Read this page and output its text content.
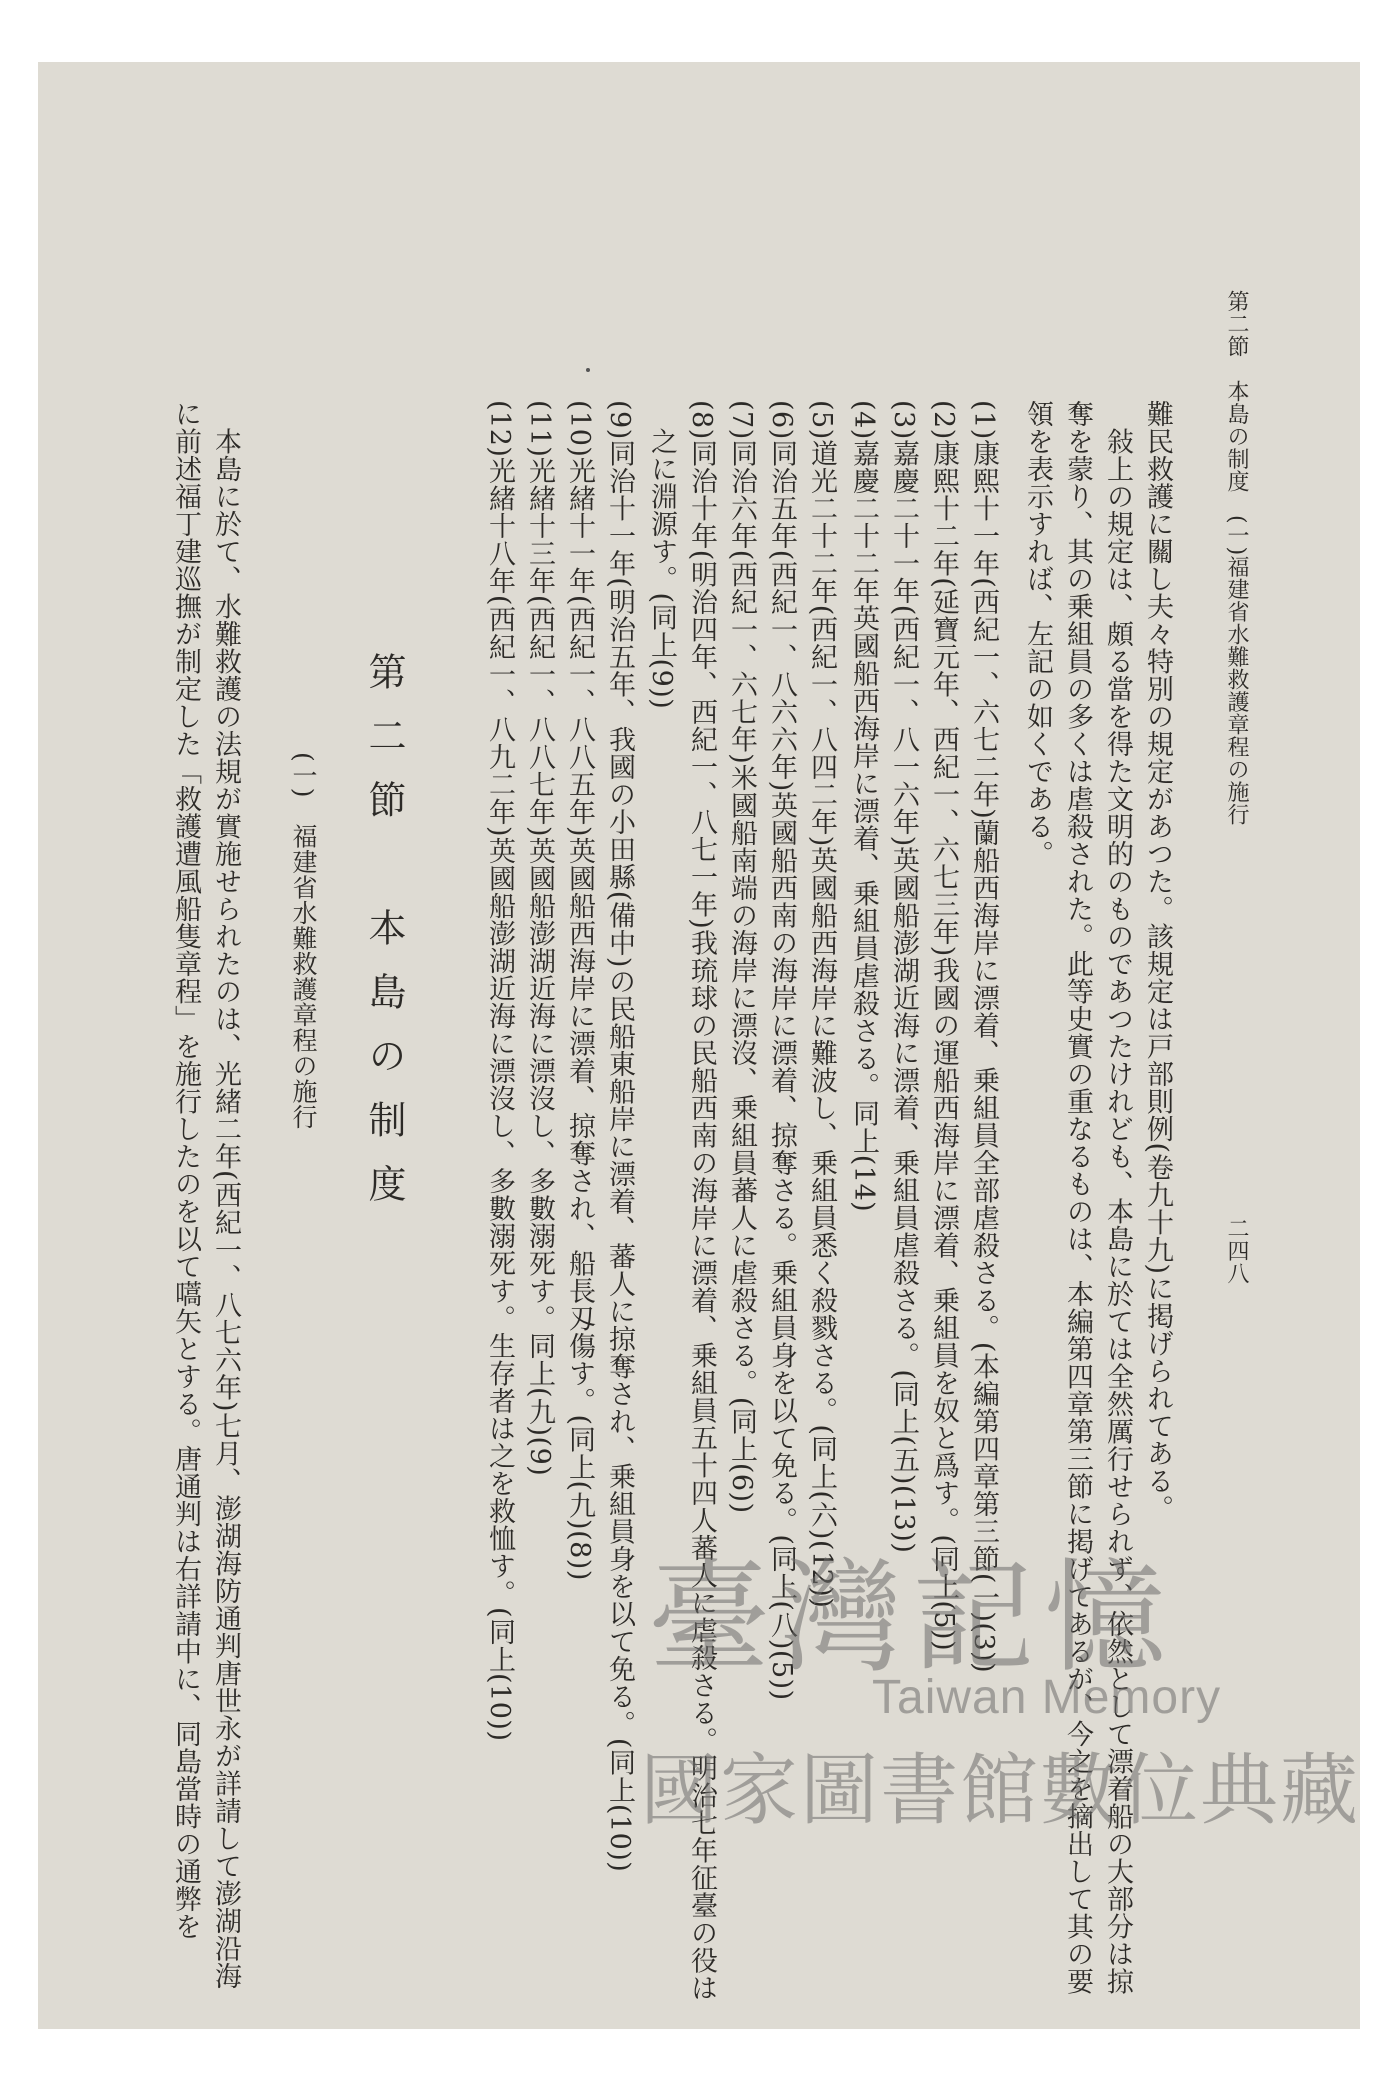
第二節　本島の制度　(一)福建省水難救護章程の施行
二四八
難民救護に關し夫々特別の規定があつた。該規定は戸部則例(卷九十九)に掲げられてある。
　敍上の規定は、頗る當を得た文明的のものであつたけれども、本島に於ては全然厲行せられず、依然として漂着船の大部分は掠
奪を蒙り、其の乗組員の多くは虐殺された。此等史實の重なるものは、本編第四章第三節に掲げてあるが、今之を摘出して其の要
領を表示すれば、左記の如くである。
(1)康熙十一年(西紀一、六七二年)蘭船西海岸に漂着、乗組員全部虐殺さる。(本編第四章第三節(一)(3))
(2)康熙十二年(延寶元年、西紀一、六七三年)我國の運船西海岸に漂着、乗組員を奴と爲す。(同上(5))
(3)嘉慶二十一年(西紀一、八一六年)英國船澎湖近海に漂着、乗組員虐殺さる。(同上(五)(13))
(4)嘉慶二十二年英國船西海岸に漂着、乗組員虐殺さる。同上(14)
(5)道光二十二年(西紀一、八四二年)英國船西海岸に難波し、乗組員悉く殺戮さる。(同上(六)(12))
(6)同治五年(西紀一、八六六年)英國船西南の海岸に漂着、掠奪さる。乗組員身を以て免る。(同上(八)(5))
(7)同治六年(西紀一、六七年)米國船南端の海岸に漂沒、乗組員蕃人に虐殺さる。(同上(6))
(8)同治十年(明治四年、西紀一、八七一年)我琉球の民船西南の海岸に漂着、乗組員五十四人蕃人に虐殺さる。明治七年征臺の役は
　之に淵源す。(同上(9))
(9)同治十一年(明治五年、我國の小田縣(備中)の民船東船岸に漂着、蕃人に掠奪され、乗組員身を以て免る。(同上(10))
(10)光緒十一年(西紀一、八八五年)英國船西海岸に漂着、掠奪され、船長刄傷す。(同上(九)(8))
(11)光緒十三年(西紀一、八八七年)英國船澎湖近海に漂沒し、多數溺死す。同上(九)(9)
(12)光緒十八年(西紀一、八九二年)英國船澎湖近海に漂沒し、多數溺死す。生存者は之を救恤す。(同上(10))
第二節　本島の制度
(一)　福建省水難救護章程の施行
　本島に於て、水難救護の法規が實施せられたのは、光緒二年(西紀一、八七六年)七月、澎湖海防通判唐世永が詳請して澎湖沿海
に前述福丁建巡撫が制定した「救護遭風船隻章程」を施行したのを以て嚆矢とする。唐通判は右詳請中に、同島當時の通弊を	臺灣記憶
Taiwan Memory
國家圖書館數位典藏
